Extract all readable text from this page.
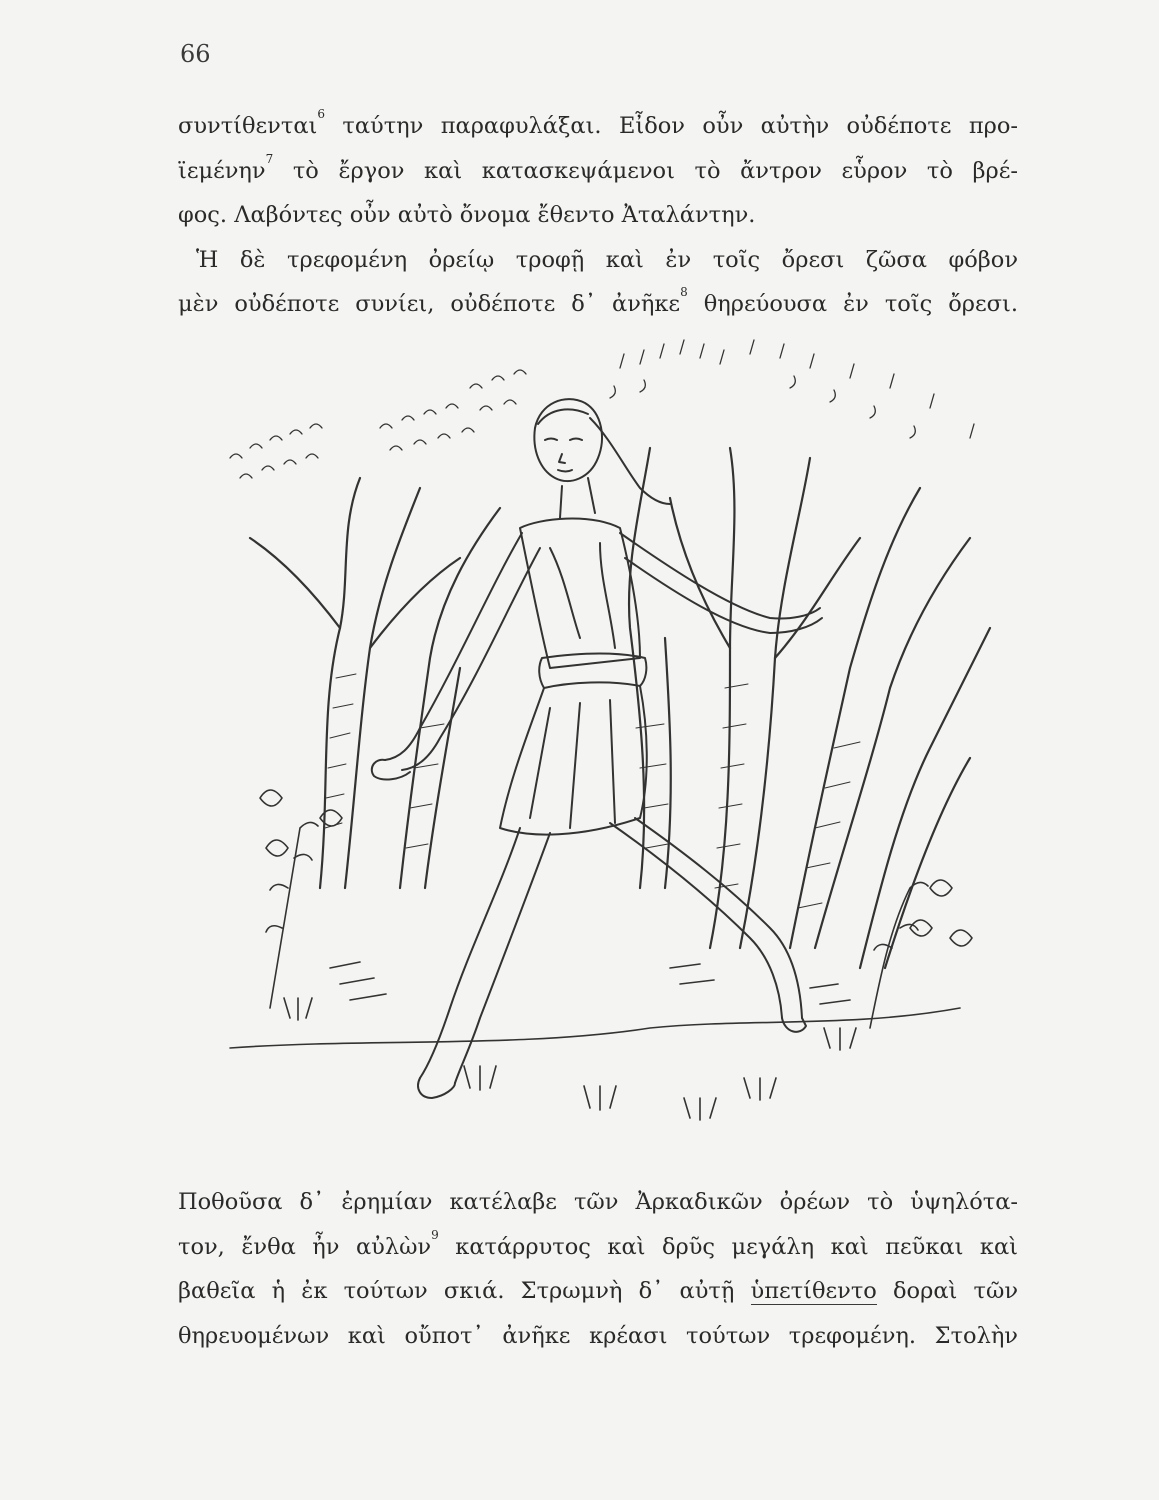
66
συντίθενται$^6$ ταύτην παραφυλάξαι. Εἶδον οὖν αὐτὴν οὐδέποτε προ-
ϊεμένην$^7$ τὸ ἔργον καὶ κατασκεψάμενοι τὸ ἄντρον εὗρον τὸ βρέ-
φος. Λαβόντες οὖν αὐτὸ ὄνομα ἔθεντο Ἀταλάντην.
Ἡ δὲ τρεφομένη ὀρείῳ τροφῇ καὶ ἐν τοῖς ὄρεσι ζῶσα φόβον
μὲν οὐδέποτε συνίει, οὐδέποτε δ᾽ ἀνῆκε$^8$ θηρεύουσα ἐν τοῖς ὄρεσι.
Ποθοῦσα δ᾽ ἐρημίαν κατέλαβε τῶν Ἀρκαδικῶν ὀρέων τὸ ὑψηλότα-
τον, ἔνθα ἦν αὐλὼν$^9$ κατάρρυτος καὶ δρῦς μεγάλη καὶ πεῦκαι καὶ
βαθεῖα ἡ ἐκ τούτων σκιά. Στρωμνὴ δ᾽ αὐτῇ ὑπετίθεντο δοραὶ τῶν
θηρευομένων καὶ οὔποτ᾽ ἀνῆκε κρέασι τούτων τρεφομένη. Στολὴν
